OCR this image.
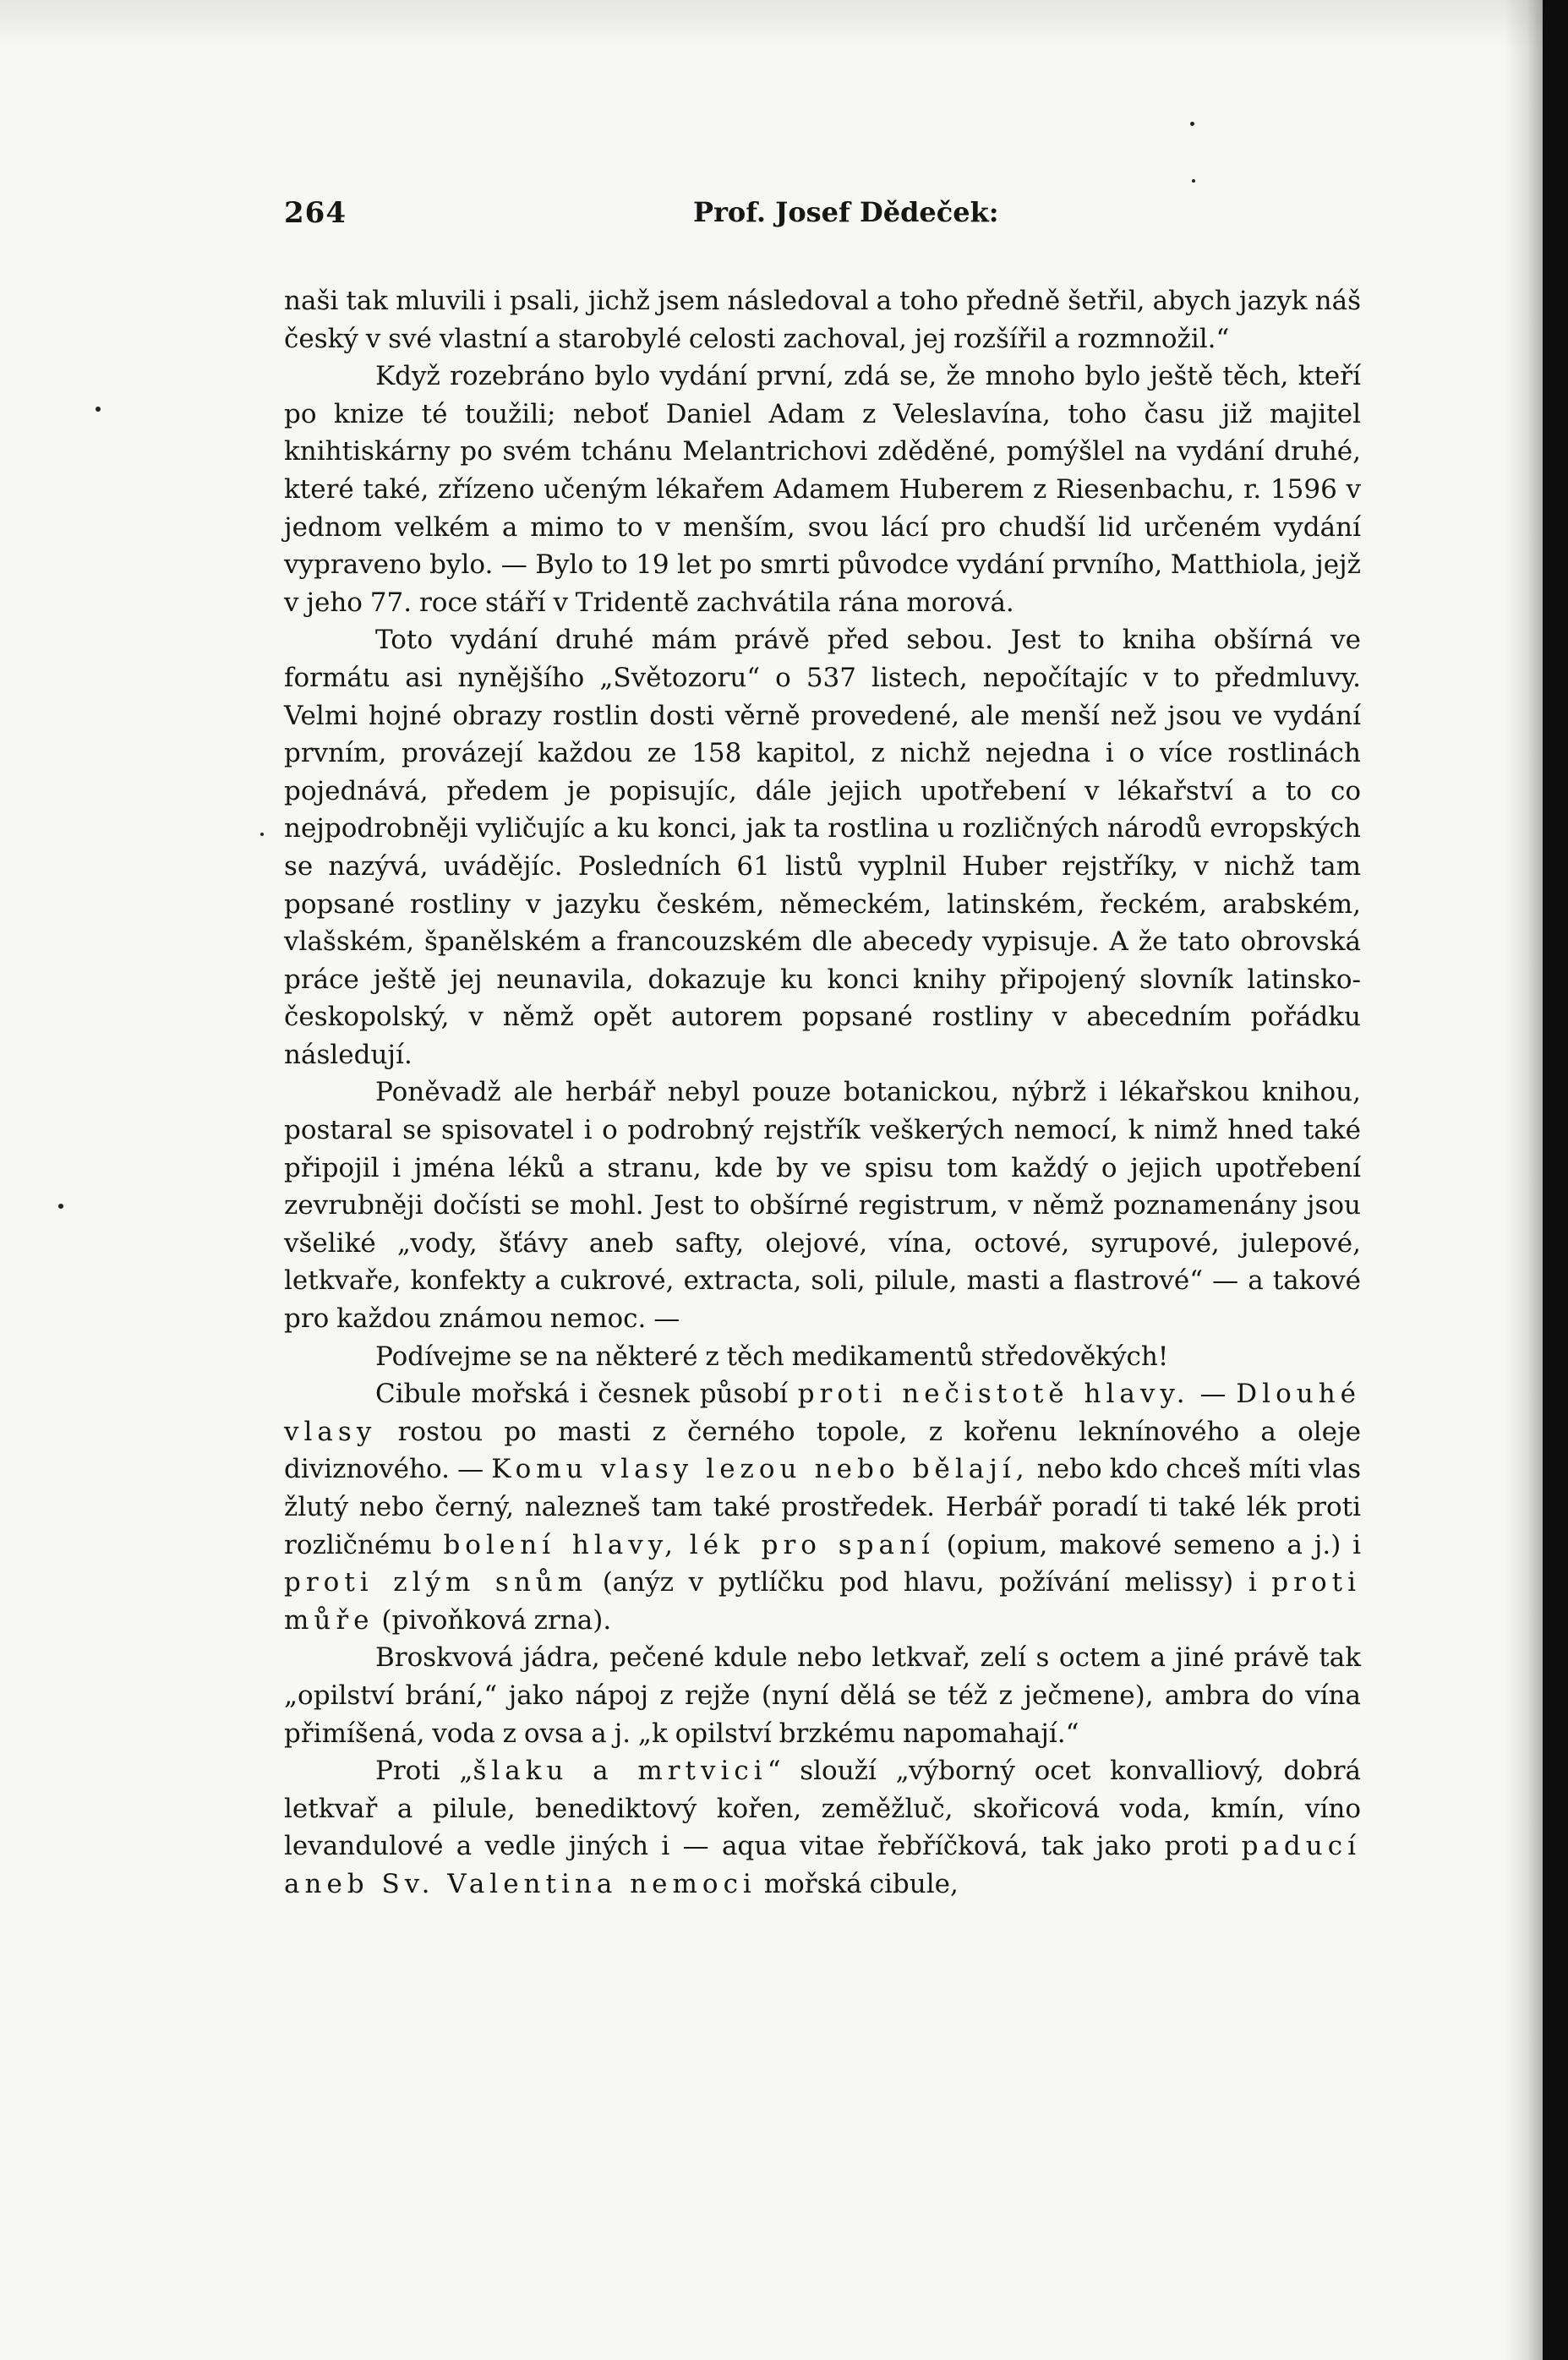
264	Prof. Josef Dědeček:

naši tak mluvili i psali, jichž jsem následoval a toho předně šetřil, abych jazyk náš český v své vlastní a starobylé celosti zachoval, jej rozšířil a rozmnožil.“

Když rozebráno bylo vydání první, zdá se, že mnoho bylo ještě těch, kteří po knize té toužili; neboť Daniel Adam z Veleslavína, toho času již majitel knihtiskárny po svém tchánu Melantrichovi zděděné, pomýšlel na vydání druhé, které také, zřízeno učeným lékařem Adamem Huberem z Riesenbachu, r. 1596 v jednom velkém a mimo to v menším, svou lácí pro chudší lid určeném vydání vypraveno bylo. — Bylo to 19 let po smrti původce vydání prvního, Matthiola, jejž v jeho 77. roce stáří v Tridentě zachvátila rána morová.

Toto vydání druhé mám právě před sebou. Jest to kniha obšírná ve formátu asi nynějšího „Světozoru“ o 537 listech, nepočítajíc v to předmluvy. Velmi hojné obrazy rostlin dosti věrně provedené, ale menší než jsou ve vydání prvním, provázejí každou ze 158 kapitol, z nichž nejedna i o více rostlinách pojednává, předem je popisujíc, dále jejich upotřebení v lékařství a to co nejpodrobněji vyličujíc a ku konci, jak ta rostlina u rozličných národů evropských se nazývá, uvádějíc. Posledních 61 listů vyplnil Huber rejstříky, v nichž tam popsané rostliny v jazyku českém, německém, latinském, řeckém, arabském, vlašském, španělském a francouzském dle abecedy vypisuje. A že tato obrovská práce ještě jej neunavila, dokazuje ku konci knihy připojený slovník latinsko-českopolský, v němž opět autorem popsané rostliny v abecedním pořádku následují.

Poněvadž ale herbář nebyl pouze botanickou, nýbrž i lékařskou knihou, postaral se spisovatel i o podrobný rejstřík veškerých nemocí, k nimž hned také připojil i jména léků a stranu, kde by ve spisu tom každý o jejich upotřebení zevrubněji dočísti se mohl. Jest to obšírné registrum, v němž poznamenány jsou všeliké „vody, šťávy aneb safty, olejové, vína, octové, syrupové, julepové, letkvaře, konfekty a cukrové, extracta, soli, pilule, masti a flastrové“ — a takové pro každou známou nemoc. —

Podívejme se na některé z těch medikamentů středověkých!

Cibule mořská i česnek působí proti nečistotě hlavy. — Dlouhé vlasy rostou po masti z černého topole, z kořenu leknínového a oleje diviznového. — Komu vlasy lezou nebo bělají, nebo kdo chceš míti vlas žlutý nebo černý, nalezneš tam také prostředek. Herbář poradí ti také lék proti rozličnému bolení hlavy, lék pro spaní (opium, makové semeno a j.) i proti zlým snům (anýz v pytlíčku pod hlavu, požívání melissy) i proti můře (pivoňková zrna).

Broskvová jádra, pečené kdule nebo letkvař, zelí s octem a jiné právě tak „opilství brání,“ jako nápoj z rejže (nyní dělá se též z ječmene), ambra do vína přimíšená, voda z ovsa a j. „k opilství brzkému napomahají.“

Proti „šlaku a mrtvici“ slouží „výborný ocet konvalliový, dobrá letkvař a pilule, benediktový kořen, zeměžluč, skořicová voda, kmín, víno levandulové a vedle jiných i — aqua vitae řebříčková, tak jako proti paducí aneb Sv. Valentina nemoci mořská cibule,
